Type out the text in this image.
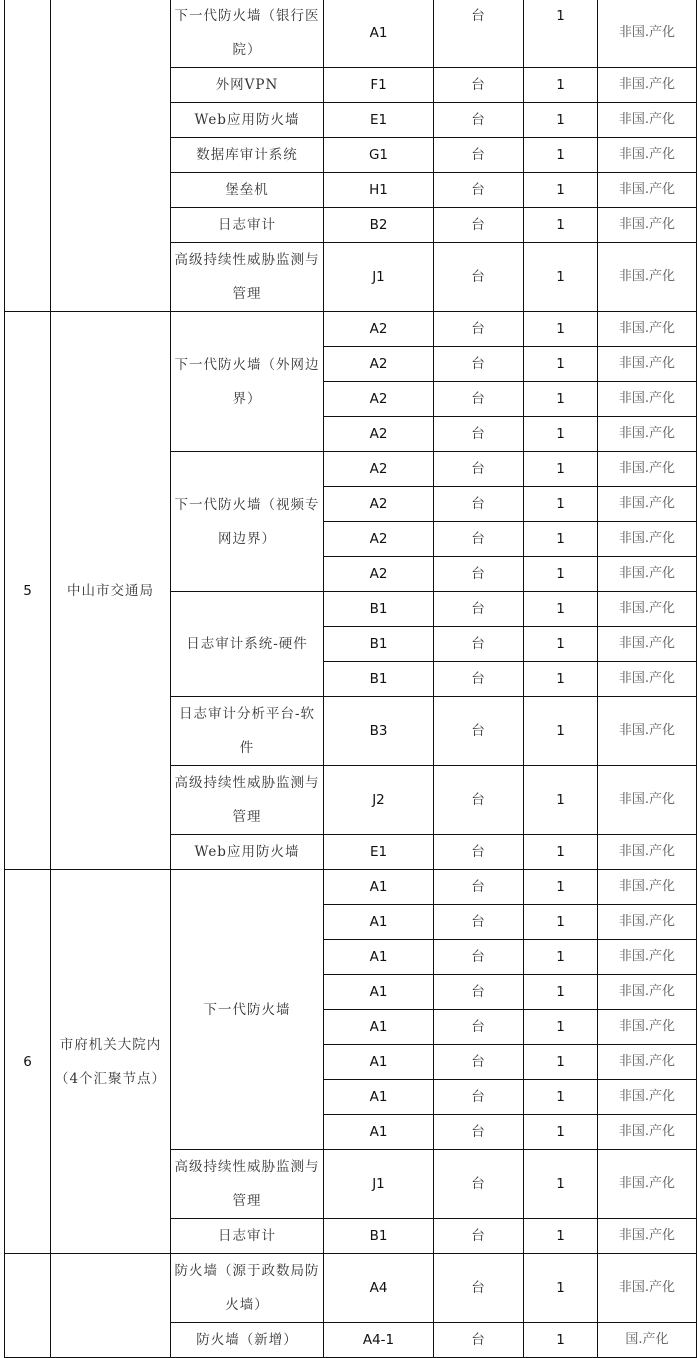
		下一代防火墙（银行医院）	A1	台	1	非国.产化
		外网VPN	F1	台	1	非国.产化
		Web应用防火墙	E1	台	1	非国.产化
		数据库审计系统	G1	台	1	非国.产化
		堡垒机	H1	台	1	非国.产化
		日志审计	B2	台	1	非国.产化
		高级持续性威胁监测与管理	J1	台	1	非国.产化
5	中山市交通局	下一代防火墙（外网边界）	A2	台	1	非国.产化
			A2	台	1	非国.产化
			A2	台	1	非国.产化
			A2	台	1	非国.产化
		下一代防火墙（视频专网边界）	A2	台	1	非国.产化
			A2	台	1	非国.产化
			A2	台	1	非国.产化
			A2	台	1	非国.产化
		日志审计系统-硬件	B1	台	1	非国.产化
			B1	台	1	非国.产化
			B1	台	1	非国.产化
		日志审计分析平台-软件	B3	台	1	非国.产化
		高级持续性威胁监测与管理	J2	台	1	非国.产化
		Web应用防火墙	E1	台	1	非国.产化
6	市府机关大院内（4个汇聚节点）	下一代防火墙	A1	台	1	非国.产化
			A1	台	1	非国.产化
			A1	台	1	非国.产化
			A1	台	1	非国.产化
			A1	台	1	非国.产化
			A1	台	1	非国.产化
			A1	台	1	非国.产化
			A1	台	1	非国.产化
		高级持续性威胁监测与管理	J1	台	1	非国.产化
		日志审计	B1	台	1	非国.产化
		防火墙（源于政数局防火墙）	A4	台	1	非国.产化
		防火墙（新增）	A4-1	台	1	国.产化
